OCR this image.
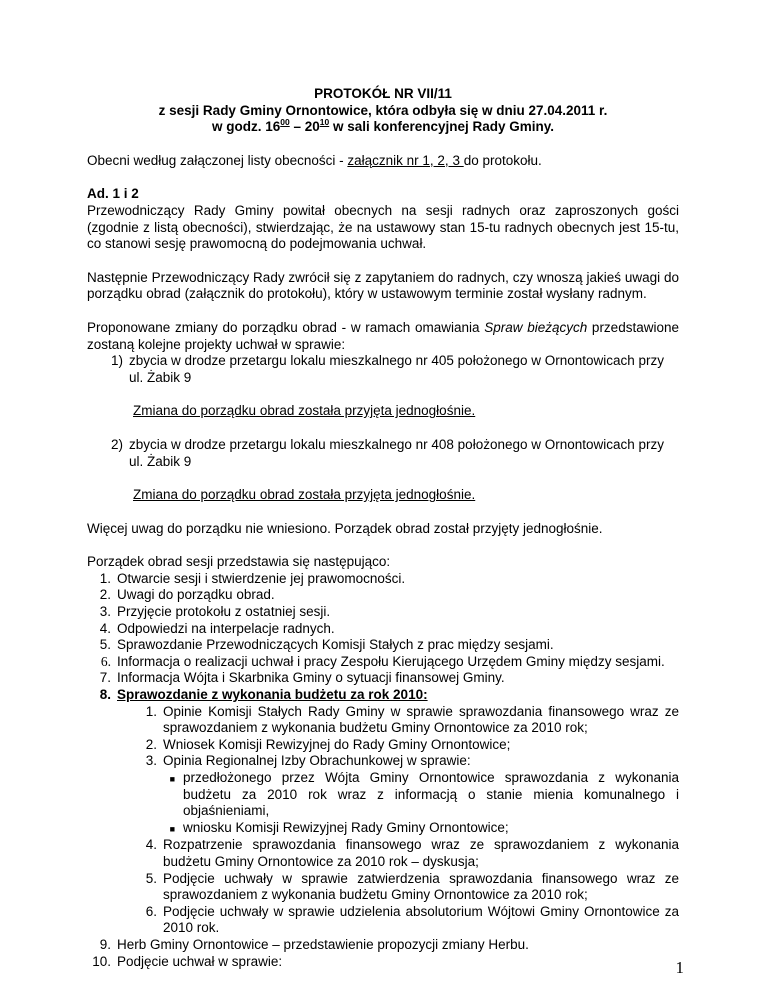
PROTOKÓŁ NR VII/11
z sesji Rady Gminy Ornontowice, która odbyła się w dniu 27.04.2011 r.
w godz. $16^{00} - 20^{10}$ w sali konferencyjnej Rady Gminy.

Obecni według załączonej listy obecności - załącznik nr 1, 2, 3 do protokołu.

Ad. 1 i 2

Przewodniczący Rady Gminy powitał obecnych na sesji radnych oraz zaproszonych gości (zgodnie z listą obecności), stwierdzając, że na ustawowy stan 15-tu radnych obecnych jest 15-tu, co stanowi sesję prawomocną do podejmowania uchwał.

Następnie Przewodniczący Rady zwrócił się z zapytaniem do radnych, czy wnoszą jakieś uwagi do porządku obrad (załącznik do protokołu), który w ustawowym terminie został wysłany radnym.

Proponowane zmiany do porządku obrad - w ramach omawiania Spraw bieżących przedstawione zostaną kolejne projekty uchwał w sprawie:

1) zbycia w drodze przetargu lokalu mieszkalnego nr 405 położonego w Ornontowicach przy ul. Żabik 9

Zmiana do porządku obrad została przyjęta jednogłośnie.

2) zbycia w drodze przetargu lokalu mieszkalnego nr 408 położonego w Ornontowicach przy ul. Żabik 9

Zmiana do porządku obrad została przyjęta jednogłośnie.

Więcej uwag do porządku nie wniesiono. Porządek obrad został przyjęty jednogłośnie.

Porządek obrad sesji przedstawia się następująco:

1. Otwarcie sesji i stwierdzenie jej prawomocności.
2. Uwagi do porządku obrad.
3. Przyjęcie protokołu z ostatniej sesji.
4. Odpowiedzi na interpelacje radnych.
5. Sprawozdanie Przewodniczących Komisji Stałych z prac między sesjami.
6. Informacja o realizacji uchwał i pracy Zespołu Kierującego Urzędem Gminy między sesjami.
7. Informacja Wójta i Skarbnika Gminy o sytuacji finansowej Gminy.
8. Sprawozdanie z wykonania budżetu za rok 2010:
1. Opinie Komisji Stałych Rady Gminy w sprawie sprawozdania finansowego wraz ze sprawozdaniem z wykonania budżetu Gminy Ornontowice za 2010 rok;
2. Wniosek Komisji Rewizyjnej do Rady Gminy Ornontowice;
3. Opinia Regionalnej Izby Obrachunkowej w sprawie:
■ przedłożonego przez Wójta Gminy Ornontowice sprawozdania z wykonania budżetu za 2010 rok wraz z informacją o stanie mienia komunalnego i objaśnieniami,
■ wniosku Komisji Rewizyjnej Rady Gminy Ornontowice;
4. Rozpatrzenie sprawozdania finansowego wraz ze sprawozdaniem z wykonania budżetu Gminy Ornontowice za 2010 rok – dyskusja;
5. Podjęcie uchwały w sprawie zatwierdzenia sprawozdania finansowego wraz ze sprawozdaniem z wykonania budżetu Gminy Ornontowice za 2010 rok;
6. Podjęcie uchwały w sprawie udzielenia absolutorium Wójtowi Gminy Ornontowice za 2010 rok.
9. Herb Gminy Ornontowice – przedstawienie propozycji zmiany Herbu.
10. Podjęcie uchwał w sprawie:	1
